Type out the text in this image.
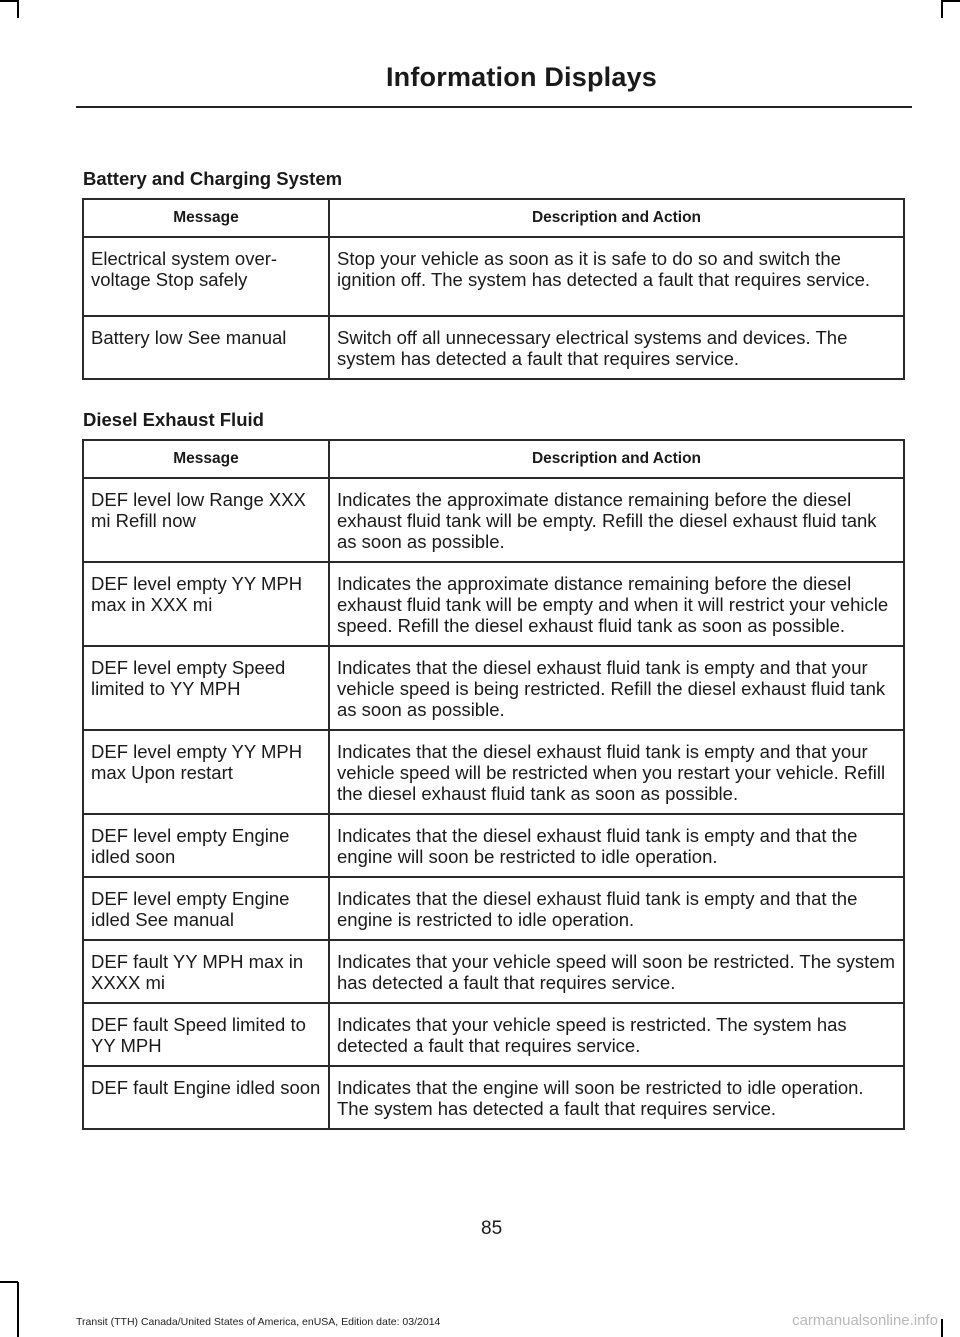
Information Displays
Battery and Charging System
Message	Description and Action
Electrical system over-voltage Stop safely	Stop your vehicle as soon as it is safe to do so and switch the ignition off. The system has detected a fault that requires service.
Battery low See manual	Switch off all unnecessary electrical systems and devices. The system has detected a fault that requires service.
Diesel Exhaust Fluid
Message	Description and Action
DEF level low Range XXX mi Refill now	Indicates the approximate distance remaining before the diesel exhaust fluid tank will be empty. Refill the diesel exhaust fluid tank as soon as possible.
DEF level empty YY MPH max in XXX mi	Indicates the approximate distance remaining before the diesel exhaust fluid tank will be empty and when it will restrict your vehicle speed. Refill the diesel exhaust fluid tank as soon as possible.
DEF level empty Speed limited to YY MPH	Indicates that the diesel exhaust fluid tank is empty and that your vehicle speed is being restricted. Refill the diesel exhaust fluid tank as soon as possible.
DEF level empty YY MPH max Upon restart	Indicates that the diesel exhaust fluid tank is empty and that your vehicle speed will be restricted when you restart your vehicle. Refill the diesel exhaust fluid tank as soon as possible.
DEF level empty Engine idled soon	Indicates that the diesel exhaust fluid tank is empty and that the engine will soon be restricted to idle operation.
DEF level empty Engine idled See manual	Indicates that the diesel exhaust fluid tank is empty and that the engine is restricted to idle operation.
DEF fault YY MPH max in XXXX mi	Indicates that your vehicle speed will soon be restricted. The system has detected a fault that requires service.
DEF fault Speed limited to YY MPH	Indicates that your vehicle speed is restricted. The system has detected a fault that requires service.
DEF fault Engine idled soon	Indicates that the engine will soon be restricted to idle operation. The system has detected a fault that requires service.
85
Transit (TTH) Canada/United States of America, enUSA, Edition date: 03/2014	carmanualsonline.info
